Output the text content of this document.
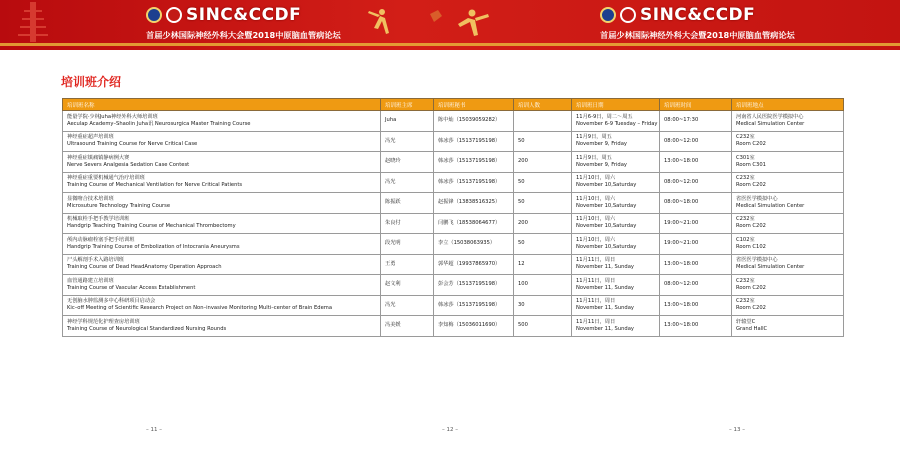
SINC&CCDF
首届少林国际神经外科大会暨2018中原脑血管病论坛
SINC&CCDF
首届少林国际神经外科大会暨2018中原脑血管病论坛
培训班介绍
培训班名称	培训班主席	培训班秘书	培训人数	培训班日期	培训班时间	培训班地点

能量学院·少林Juha神经外科大师培训班
Aeculap Academy–Shaolin Juha讯 Neurosurgica Master Training Course	Juha	陈中灿（15039059282）		11月6-9日，周二～周五
November 6-9 Tuesday – Friday	08:00~17:30	河南省人民医院医学模拟中心
Medical Simulation Center

神经重症超声培训班
Ultrasound Training Course for Nerve Critical Case	冯光	韩冰莎（15137195198）	50	11月9日，周五
November 9, Friday	08:00~12:00	C232室
Room C202

神经重症镇痛镇静病例大赛
Nerve Severs Analgesia Sedation Case Contest	赵晓玲	韩冰莎（15137195198）	200	11月9日，周五
November 9, Friday	13:00~18:00	C301室
Room C301

神经重症重要机械通气治疗培训班
Training Course of Mechanical Ventilation for Nerve Critical Patients	冯光	韩冰莎（15137195198）	50	11月10日，周六
November 10,Saturday	08:00~12:00	C232室
Room C202

显微吻合技术培训班
Microsuture Technology Training Course	陈振跃	赵振锋（13838516325）	50	11月10日，周六
November 10,Saturday	08:00~18:00	省医医学模拟中心
Medical Simulation Center

机械取栓手把手教学培训班
Handgrip Teaching Training Course of Mechanical Thrombectomy	朱良付	闫鹏飞（18538064677）	200	11月10日，周六
November 10,Saturday	19:00~21:00	C232室
Room C202

颅内动脉瘤栓塞手把手培训班
Handgrip Training Course of Embolization of Intocrania Aneurysms	段光明	李立（15038063935）	50	11月10日，周六
November 10,Saturday	19:00~21:00	C102室
Room C102

尸头解剖手术入路培训班
Training Course of Dead HeadAnatomy Operation Approach	王勇	郭华超（19937865970）	12	11月11日，周日
November 11, Sunday	13:00~18:00	省医医学模拟中心
Medical Simulation Center

血管通路建立培训班
Training Course of Vascular Access Establishment	赵文利	彭会芳（15137195198）	100	11月11日，周日
November 11, Sunday	08:00~12:00	C232室
Room C202

无创脑水肿监测多中心科研项目启动会
Kic–off Meeting of Scientific Research Project on Non–invasive Monitoring Multi–center of Brain Edema	冯光	韩冰莎（15137195198）	30	11月11日，周日
November 11, Sunday	13:00~18:00	C232室
Room C202

神经学科规范化护理查房培训班
Training Course of Neurological Standardized Nursing Rounds	冯美媛	李知梅（15036011690）	500	11月11日，周日
November 11, Sunday	13:00~18:00	轩辕堂C
Grand HallC
– 11 –	– 12 –	– 13 –
